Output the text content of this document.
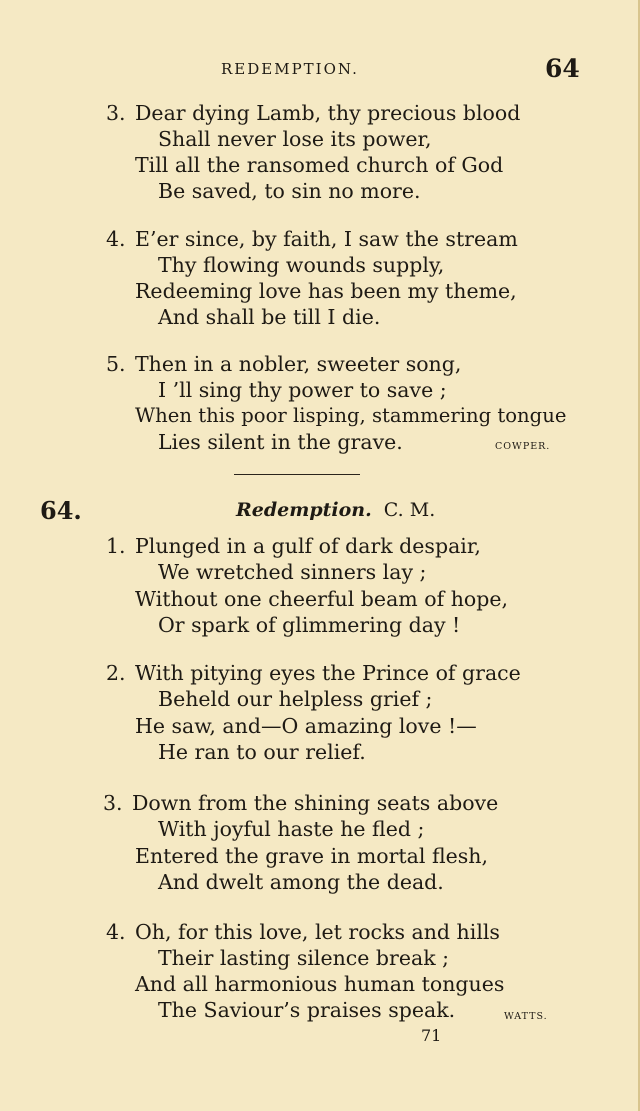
REDEMPTION.	64
3. Dear dying Lamb, thy precious blood
Shall never lose its power,
Till all the ransomed church of God
Be saved, to sin no more.
4. E’er since, by faith, I saw the stream
Thy flowing wounds supply,
Redeeming love has been my theme,
And shall be till I die.
5. Then in a nobler, sweeter song,
I ’ll sing thy power to save ;
When this poor lisping, stammering tongue
Lies silent in the grave.	COWPER.
64.	Redemption. C. M.
1. Plunged in a gulf of dark despair,
We wretched sinners lay ;
Without one cheerful beam of hope,
Or spark of glimmering day !
2. With pitying eyes the Prince of grace
Beheld our helpless grief ;
He saw, and—O amazing love !—
He ran to our relief.
3. Down from the shining seats above
With joyful haste he fled ;
Entered the grave in mortal flesh,
And dwelt among the dead.
4. Oh, for this love, let rocks and hills
Their lasting silence break ;
And all harmonious human tongues
The Saviour’s praises speak.	WATTS.
71
